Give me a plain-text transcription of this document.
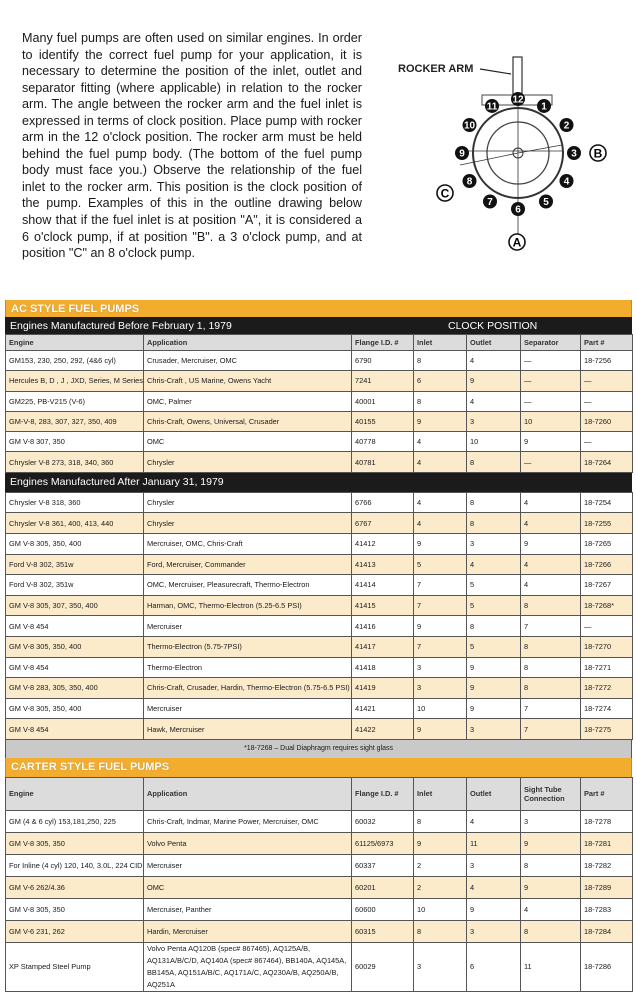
Many fuel pumps are often used on similar engines. In order to identify the correct fuel pump for your application, it is necessary to determine the position of the inlet, outlet and separator fitting (where applicable) in relation to the rocker arm. The angle between the rocker arm and the fuel inlet is expressed in terms of clock position. Place pump with rocker arm in the 12 o'clock position. The rocker arm must be held behind the fuel pump body. (The bottom of the fuel pump body must face you.) Observe the relationship of the fuel inlet to the rocker arm. This position is the clock position of the pump. Examples of this in the outline drawing below show that if the fuel inlet is at position "A", it is considered a 6 o'clock pump, if at position "B". a 3 o'clock pump, and at position "C" an 8 o'clock pump.
ROCKER ARM
1
2
3
4
5
6
7
8
9
10
11
12
B
A
C
AC STYLE FUEL PUMPS
Engines Manufactured Before February 1, 1979	CLOCK POSITION
Engine	Application	Flange I.D. #	Inlet	Outlet	Separator	Part #
GM153, 230, 250, 292, (4&6 cyl)	Crusader, Mercruiser, OMC	6790	8	4	—	18-7256
Hercules B, D , J , JXD, Series, M Series	Chris-Craft , US Marine, Owens Yacht	7241	6	9	—	—
GM225, PB-V215 (V-6)	OMC, Palmer	40001	8	4	—	—
GM-V-8, 283, 307, 327, 350, 409	Chris-Craft, Owens, Universal, Crusader	40155	9	3	10	18-7260
GM V-8 307, 350	OMC	40778	4	10	9	—
Chrysler V-8 273, 318, 340, 360	Chrysler	40781	4	8	—	18-7264
Engines Manufactured After January 31, 1979
Chrysler V-8 318, 360	Chrysler	6766	4	8	4	18-7254
Chrysler V-8 361, 400, 413, 440	Chrysler	6767	4	8	4	18-7255
GM V-8 305, 350, 400	Mercruiser, OMC, Chris-Craft	41412	9	3	9	18-7265
Ford V-8 302, 351w	Ford, Mercruiser, Commander	41413	5	4	4	18-7266
Ford V-8 302, 351w	OMC, Mercruiser, Pleasurecraft, Thermo-Electron	41414	7	5	4	18-7267
GM V-8 305, 307, 350, 400	Harman, OMC, Thermo-Electron (5.25-6.5 PSI)	41415	7	5	8	18-7268*
GM V-8 454	Mercruiser	41416	9	8	7	—
GM V-8 305, 350, 400	Thermo-Electron (5.75-7PSI)	41417	7	5	8	18-7270
GM V-8 454	Thermo-Electron	41418	3	9	8	18-7271
GM V-8 283, 305, 350, 400	Chris-Craft, Crusader, Hardin, Thermo-Electron (5.75-6.5 PSI)	41419	3	9	8	18-7272
GM V-8 305, 350, 400	Mercruiser	41421	10	9	7	18-7274
GM V-8 454	Hawk, Mercruiser	41422	9	3	7	18-7275
*18-7268 – Dual Diaphragm requires sight glass
CARTER STYLE FUEL PUMPS
Engine	Application	Flange I.D. #	Inlet	Outlet	Sight Tube Connection	Part #
GM (4 & 6 cyl) 153,181,250, 225	Chris-Craft, Indmar, Marine Power, Mercruiser, OMC	60032	8	4	3	18-7278
GM V-8 305, 350	Volvo Penta	61125/6973	9	11	9	18-7281
For Inline (4 cyl) 120, 140, 3.0L, 224 CID	Mercruiser	60337	2	3	8	18-7282
GM V-6 262/4.36	OMC	60201	2	4	9	18-7289
GM V-8 305, 350	Mercruiser, Panther	60600	10	9	4	18-7283
GM V-6 231, 262	Hardin, Mercruiser	60315	8	3	8	18-7284
XP Stamped Steel Pump	Volvo Penta AQ120B (spec# 867465), AQ125A/B, AQ131A/B/C/D, AQ140A (spec# 867464), BB140A, AQ145A, BB145A, AQ151A/B/C, AQ171A/C, AQ230A/B, AQ250A/B, AQ251A	60029	3	6	11	18-7286
